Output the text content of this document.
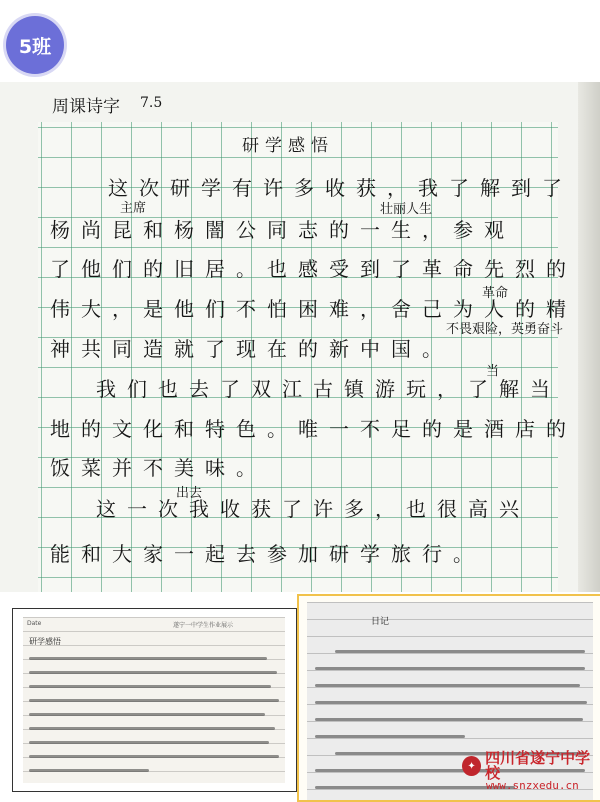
5班
周课诗字 7.5
研学感悟
这次研学有许多收获，我了解到了
杨尚昆和杨闇公同志的一生，参观
了他们的旧居。也感受到了革命先烈的
伟大，是他们不怕困难，舍己为人的精
神共同造就了现在的新中国。
我们也去了双江古镇游玩，了解当
地的文化和特色。唯一不足的是酒店的
饭菜并不美味。
这一次我收获了许多，也很高兴
能和大家一起去参加研学旅行。
主席	壮丽人生
革命
不畏艰险，英勇奋斗
当
出去
Date	遂宁一中学生作业展示
研学感悟
日记
✦ 四川省遂宁中学校
www.snzxedu.cn
